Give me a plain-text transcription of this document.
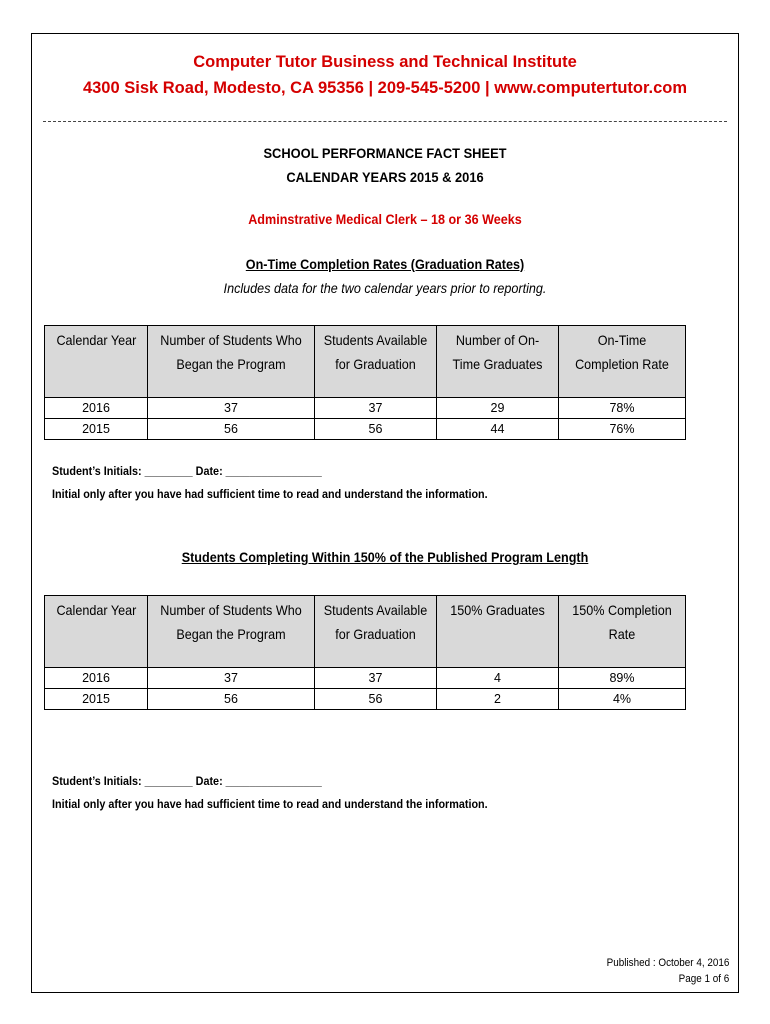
Computer Tutor Business and Technical Institute
4300 Sisk Road, Modesto, CA 95356 | 209-545-5200 | www.computertutor.com
SCHOOL PERFORMANCE FACT SHEET
CALENDAR YEARS 2015 & 2016
Adminstrative Medical Clerk – 18 or 36 Weeks
On-Time Completion Rates (Graduation Rates)
Includes data for the two calendar years prior to reporting.
Calendar Year	Number of Students Who Began the Program	Students Available for Graduation	Number of On-Time Graduates	On-Time Completion Rate
2016	37	37	29	78%
2015	56	56	44	76%
Student’s Initials: ________ Date: ________________
Initial only after you have had sufficient time to read and understand the information.
Students Completing Within 150% of the Published Program Length
Calendar Year	Number of Students Who Began the Program	Students Available for Graduation	150% Graduates	150% Completion Rate
2016	37	37	4	89%
2015	56	56	2	4%
Student’s Initials: ________ Date: ________________
Initial only after you have had sufficient time to read and understand the information.
Published : October 4, 2016
Page 1 of 6
